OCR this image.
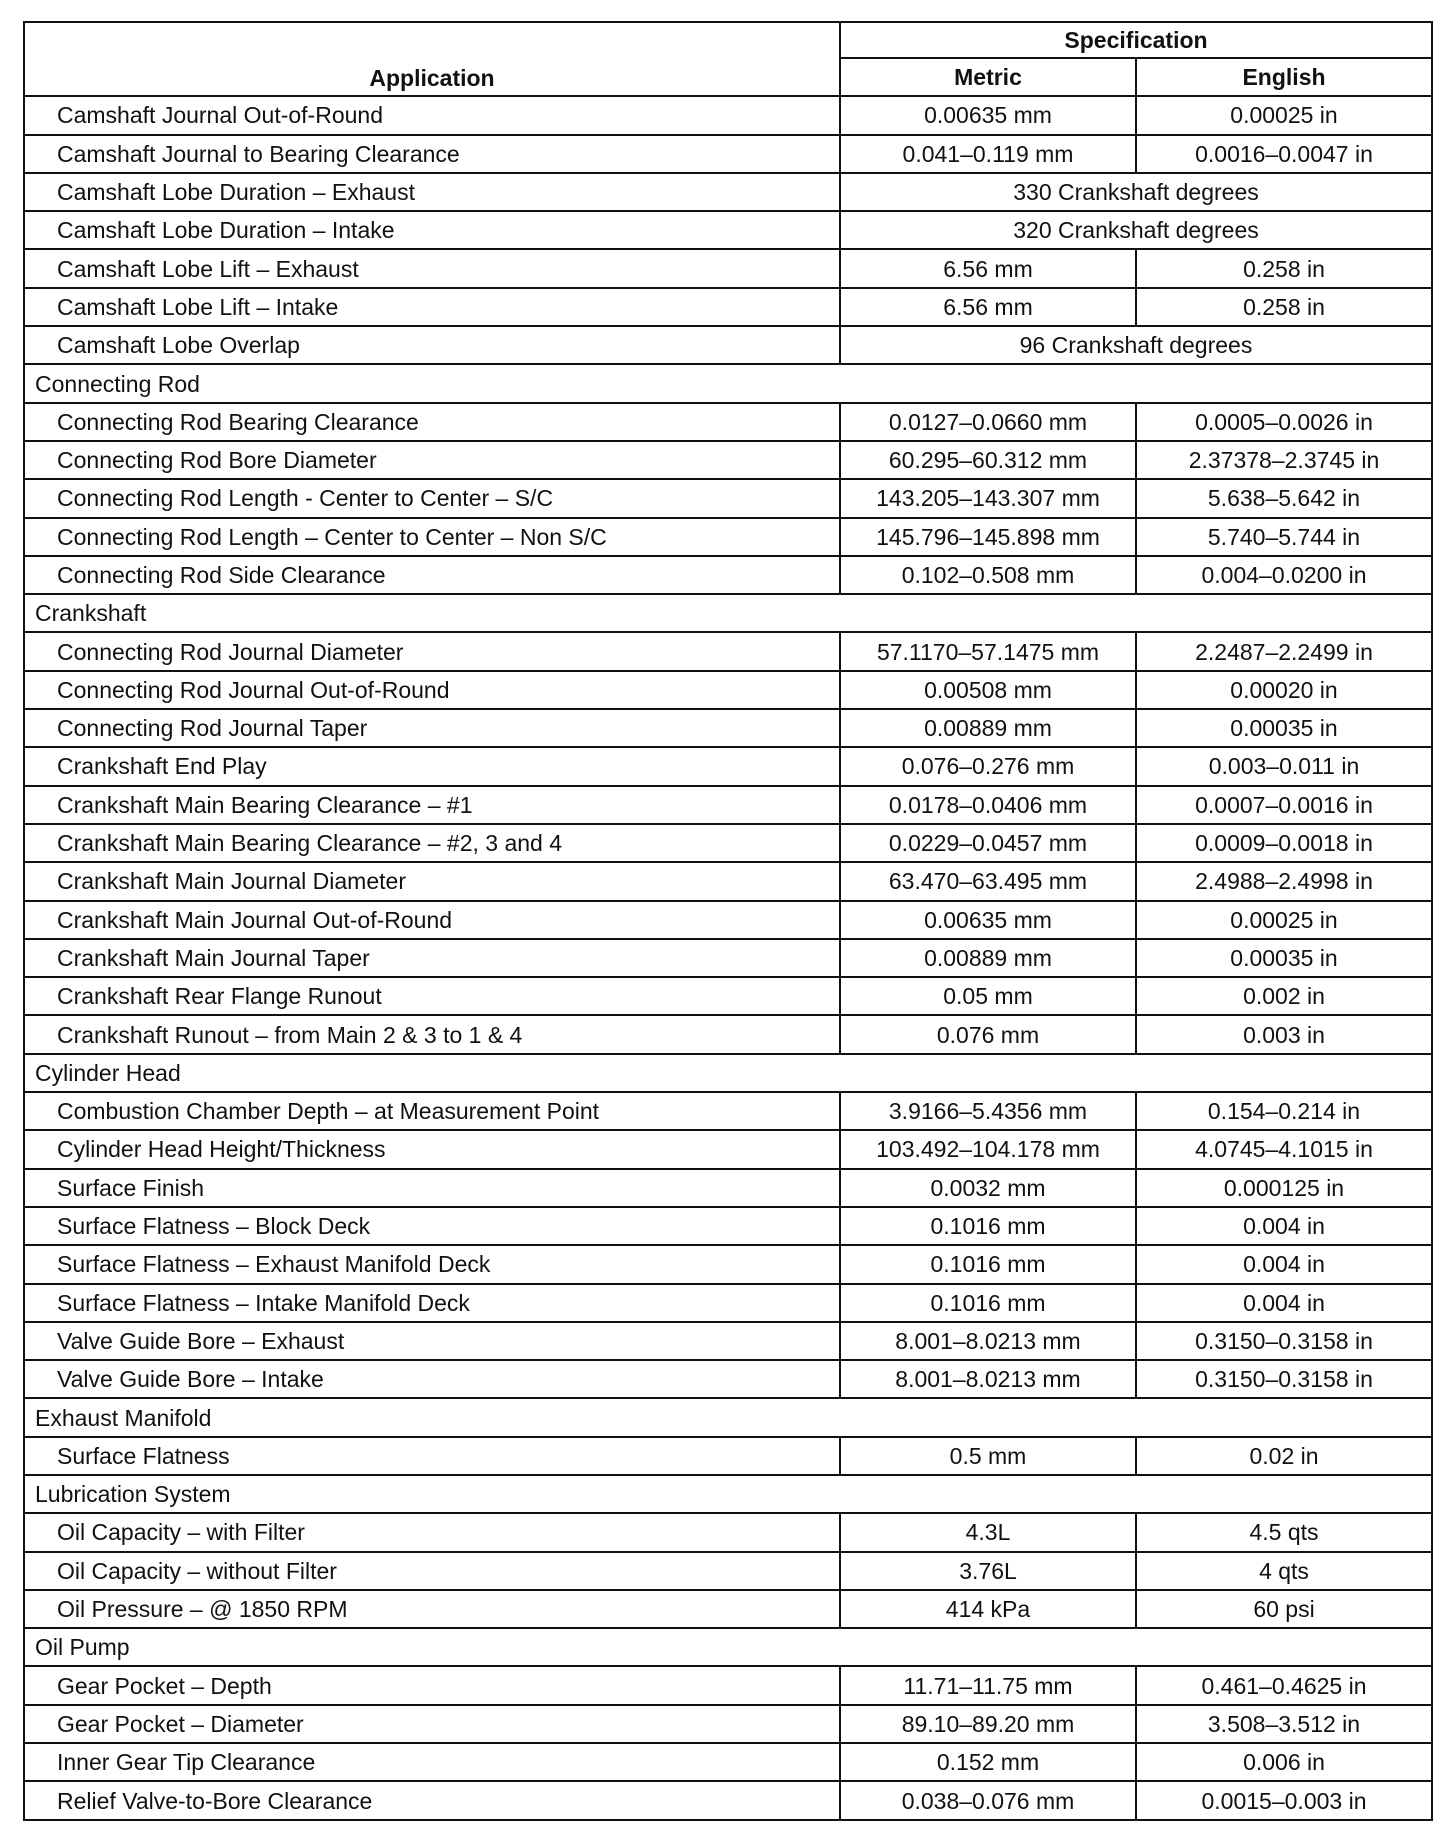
Application	Specification	
	Metric	English
Camshaft Journal Out-of-Round	0.00635 mm	0.00025 in
Camshaft Journal to Bearing Clearance	0.041–0.119 mm	0.0016–0.0047 in
Camshaft Lobe Duration – Exhaust	330 Crankshaft degrees	
Camshaft Lobe Duration – Intake	320 Crankshaft degrees	
Camshaft Lobe Lift – Exhaust	6.56 mm	0.258 in
Camshaft Lobe Lift – Intake	6.56 mm	0.258 in
Camshaft Lobe Overlap	96 Crankshaft degrees	
Connecting Rod		
Connecting Rod Bearing Clearance	0.0127–0.0660 mm	0.0005–0.0026 in
Connecting Rod Bore Diameter	60.295–60.312 mm	2.37378–2.3745 in
Connecting Rod Length - Center to Center – S/C	143.205–143.307 mm	5.638–5.642 in
Connecting Rod Length – Center to Center – Non S/C	145.796–145.898 mm	5.740–5.744 in
Connecting Rod Side Clearance	0.102–0.508 mm	0.004–0.0200 in
Crankshaft		
Connecting Rod Journal Diameter	57.1170–57.1475 mm	2.2487–2.2499 in
Connecting Rod Journal Out-of-Round	0.00508 mm	0.00020 in
Connecting Rod Journal Taper	0.00889 mm	0.00035 in
Crankshaft End Play	0.076–0.276 mm	0.003–0.011 in
Crankshaft Main Bearing Clearance – #1	0.0178–0.0406 mm	0.0007–0.0016 in
Crankshaft Main Bearing Clearance – #2, 3 and 4	0.0229–0.0457 mm	0.0009–0.0018 in
Crankshaft Main Journal Diameter	63.470–63.495 mm	2.4988–2.4998 in
Crankshaft Main Journal Out-of-Round	0.00635 mm	0.00025 in
Crankshaft Main Journal Taper	0.00889 mm	0.00035 in
Crankshaft Rear Flange Runout	0.05 mm	0.002 in
Crankshaft Runout – from Main 2 & 3 to 1 & 4	0.076 mm	0.003 in
Cylinder Head		
Combustion Chamber Depth – at Measurement Point	3.9166–5.4356 mm	0.154–0.214 in
Cylinder Head Height/Thickness	103.492–104.178 mm	4.0745–4.1015 in
Surface Finish	0.0032 mm	0.000125 in
Surface Flatness – Block Deck	0.1016 mm	0.004 in
Surface Flatness – Exhaust Manifold Deck	0.1016 mm	0.004 in
Surface Flatness – Intake Manifold Deck	0.1016 mm	0.004 in
Valve Guide Bore – Exhaust	8.001–8.0213 mm	0.3150–0.3158 in
Valve Guide Bore – Intake	8.001–8.0213 mm	0.3150–0.3158 in
Exhaust Manifold		
Surface Flatness	0.5 mm	0.02 in
Lubrication System		
Oil Capacity – with Filter	4.3L	4.5 qts
Oil Capacity – without Filter	3.76L	4 qts
Oil Pressure – @ 1850 RPM	414 kPa	60 psi
Oil Pump		
Gear Pocket – Depth	11.71–11.75 mm	0.461–0.4625 in
Gear Pocket – Diameter	89.10–89.20 mm	3.508–3.512 in
Inner Gear Tip Clearance	0.152 mm	0.006 in
Relief Valve-to-Bore Clearance	0.038–0.076 mm	0.0015–0.003 in
